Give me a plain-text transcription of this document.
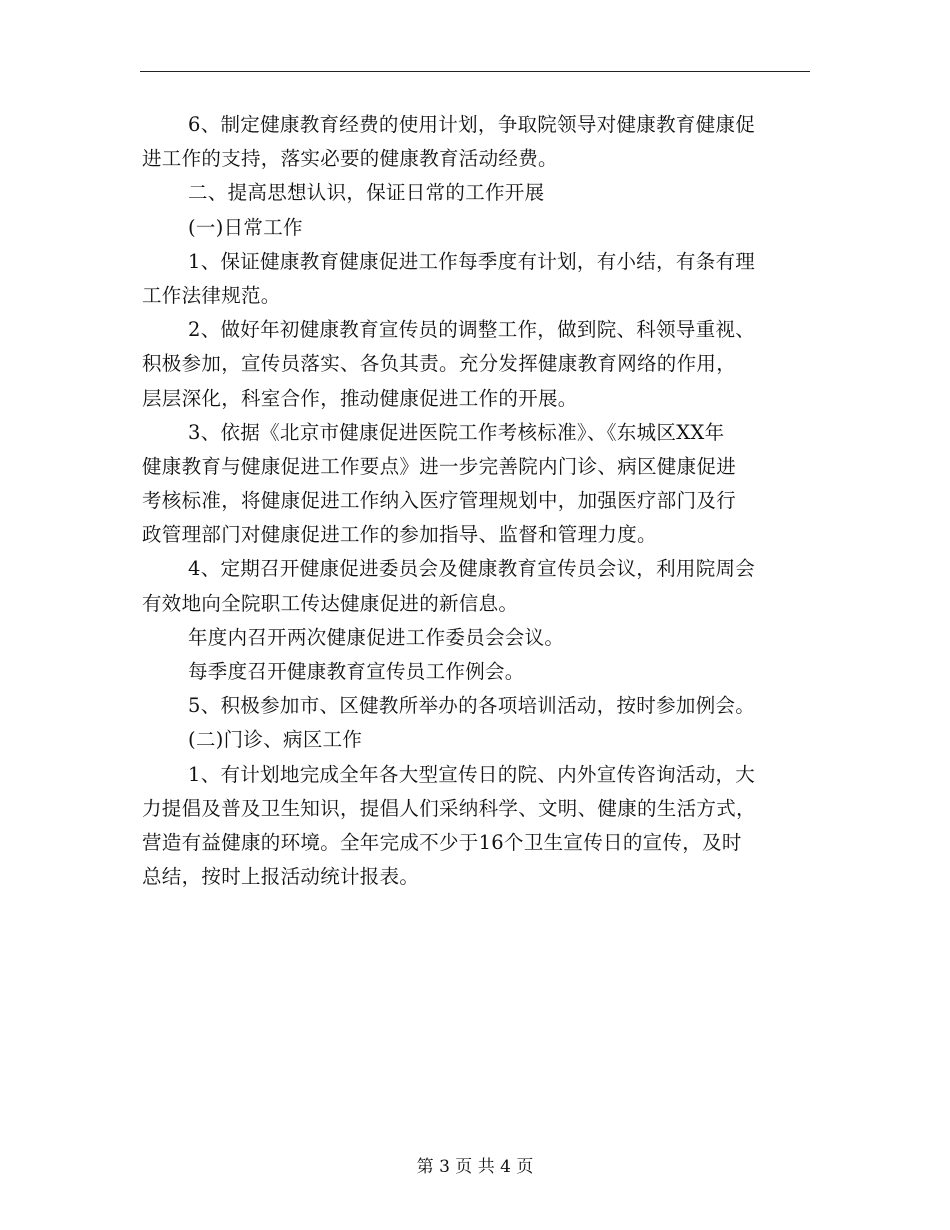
6、制定健康教育经费的使用计划，争取院领导对健康教育健康促
进工作的支持，落实必要的健康教育活动经费。
二、提高思想认识，保证日常的工作开展
(一)日常工作
1、保证健康教育健康促进工作每季度有计划，有小结，有条有理
工作法律规范。
2、做好年初健康教育宣传员的调整工作，做到院、科领导重视、
积极参加，宣传员落实、各负其责。充分发挥健康教育网络的作用，
层层深化，科室合作，推动健康促进工作的开展。
3、依据《北京市健康促进医院工作考核标准》、《东城区XX年
健康教育与健康促进工作要点》进一步完善院内门诊、病区健康促进
考核标准，将健康促进工作纳入医疗管理规划中，加强医疗部门及行
政管理部门对健康促进工作的参加指导、监督和管理力度。
4、定期召开健康促进委员会及健康教育宣传员会议，利用院周会
有效地向全院职工传达健康促进的新信息。
年度内召开两次健康促进工作委员会会议。
每季度召开健康教育宣传员工作例会。
5、积极参加市、区健教所举办的各项培训活动，按时参加例会。
(二)门诊、病区工作
1、有计划地完成全年各大型宣传日的院、内外宣传咨询活动，大
力提倡及普及卫生知识，提倡人们采纳科学、文明、健康的生活方式，
营造有益健康的环境。全年完成不少于16个卫生宣传日的宣传，及时
总结，按时上报活动统计报表。
第 3 页 共 4 页
